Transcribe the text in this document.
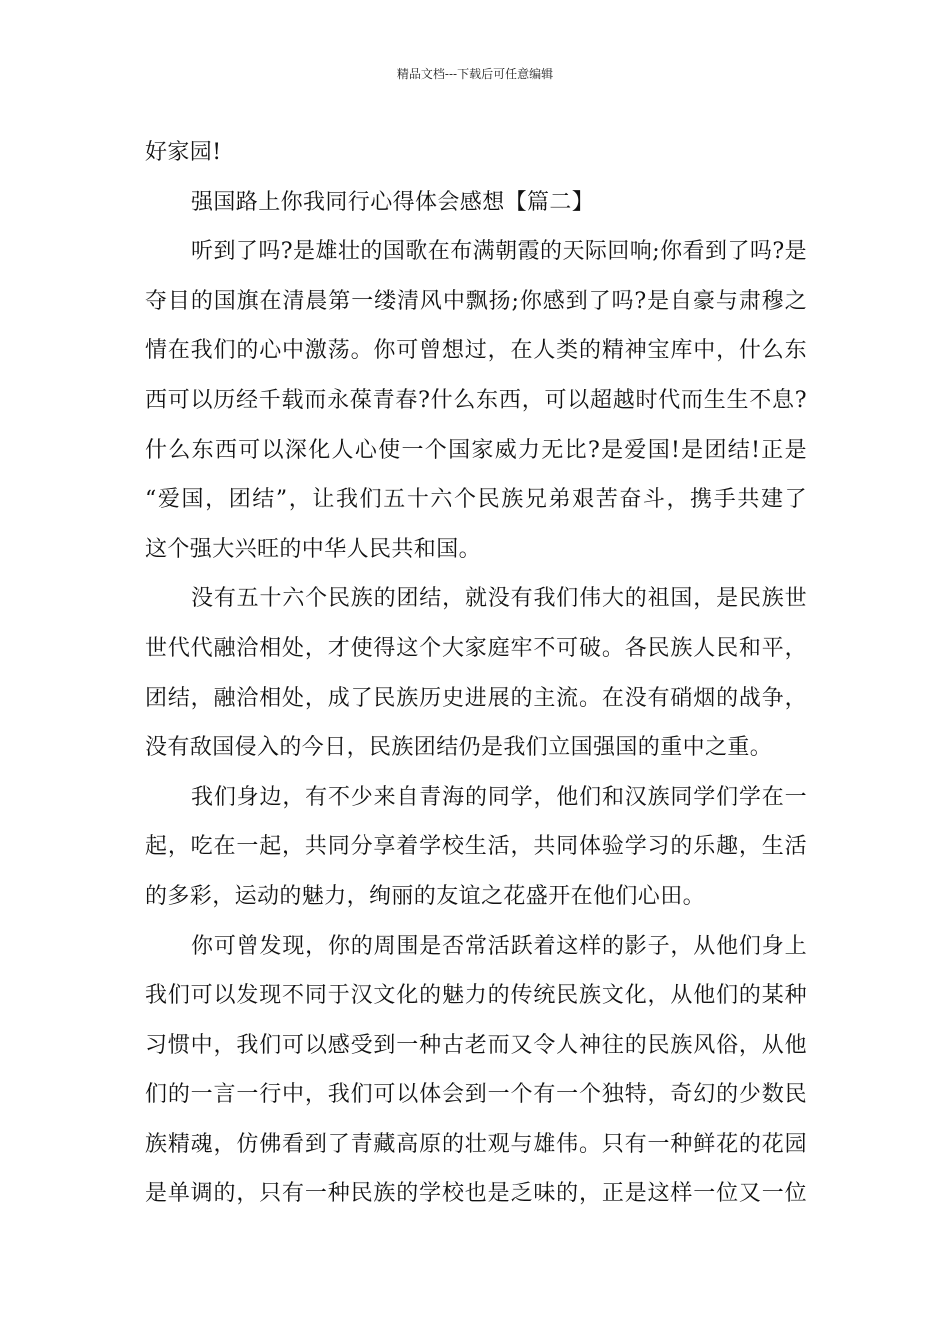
精品文档---下载后可任意编辑
好家园!
强国路上你我同行心得体会感想【篇二】
听到了吗?是雄壮的国歌在布满朝霞的天际回响;你看到了吗?是
夺目的国旗在清晨第一缕清风中飘扬;你感到了吗?是自豪与肃穆之
情在我们的心中激荡。你可曾想过，在人类的精神宝库中，什么东
西可以历经千载而永葆青春?什么东西，可以超越时代而生生不息?
什么东西可以深化人心使一个国家威力无比?是爱国!是团结!正是
“爱国，团结”，让我们五十六个民族兄弟艰苦奋斗，携手共建了
这个强大兴旺的中华人民共和国。
没有五十六个民族的团结，就没有我们伟大的祖国，是民族世
世代代融洽相处，才使得这个大家庭牢不可破。各民族人民和平，
团结，融洽相处，成了民族历史进展的主流。在没有硝烟的战争，
没有敌国侵入的今日，民族团结仍是我们立国强国的重中之重。
我们身边，有不少来自青海的同学，他们和汉族同学们学在一
起，吃在一起，共同分享着学校生活，共同体验学习的乐趣，生活
的多彩，运动的魅力，绚丽的友谊之花盛开在他们心田。
你可曾发现，你的周围是否常活跃着这样的影子，从他们身上
我们可以发现不同于汉文化的魅力的传统民族文化，从他们的某种
习惯中，我们可以感受到一种古老而又令人神往的民族风俗，从他
们的一言一行中，我们可以体会到一个有一个独特，奇幻的少数民
族精魂，仿佛看到了青藏高原的壮观与雄伟。只有一种鲜花的花园
是单调的，只有一种民族的学校也是乏味的，正是这样一位又一位
